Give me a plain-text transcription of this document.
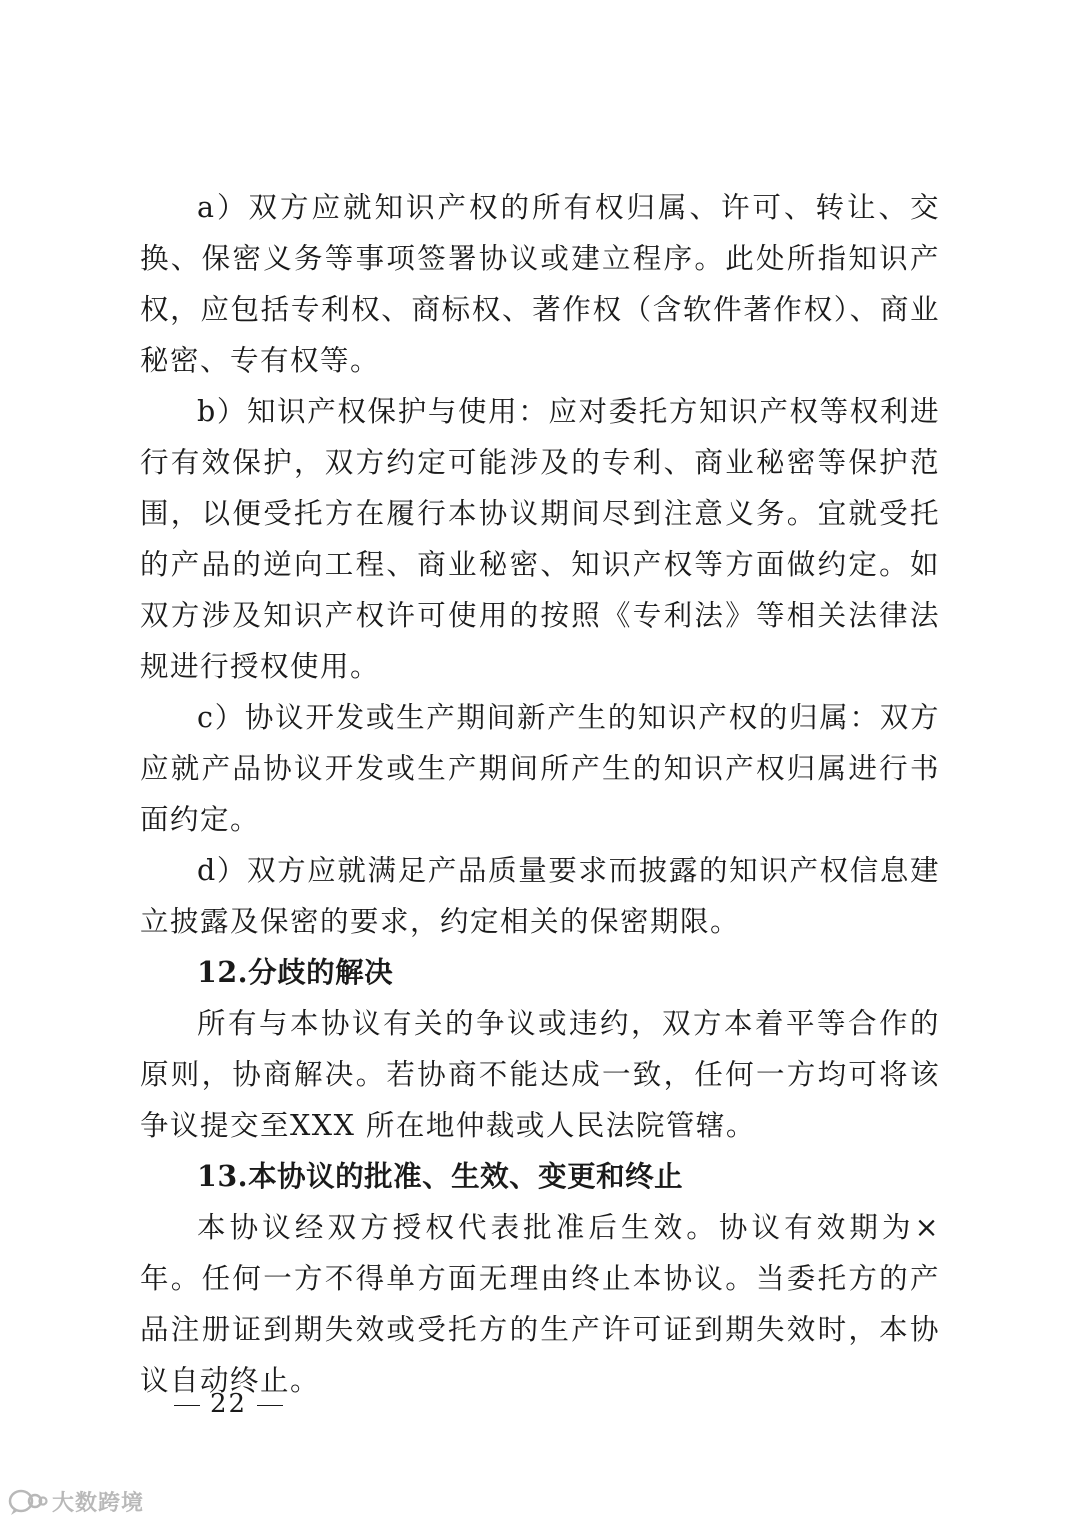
a）双方应就知识产权的所有权归属、许可、转让、交换、保密义务等事项签署协议或建立程序。此处所指知识产权，应包括专利权、商标权、著作权（含软件著作权）、商业秘密、专有权等。

b）知识产权保护与使用：应对委托方知识产权等权利进行有效保护，双方约定可能涉及的专利、商业秘密等保护范围，以便受托方在履行本协议期间尽到注意义务。宜就受托的产品的逆向工程、商业秘密、知识产权等方面做约定。如双方涉及知识产权许可使用的按照《专利法》等相关法律法规进行授权使用。

c）协议开发或生产期间新产生的知识产权的归属：双方应就产品协议开发或生产期间所产生的知识产权归属进行书面约定。

d）双方应就满足产品质量要求而披露的知识产权信息建立披露及保密的要求，约定相关的保密期限。

12.分歧的解决

所有与本协议有关的争议或违约，双方本着平等合作的原则，协商解决。若协商不能达成一致，任何一方均可将该争议提交至XXX 所在地仲裁或人民法院管辖。

13.本协议的批准、生效、变更和终止

本协议经双方授权代表批准后生效。协议有效期为×年。任何一方不得单方面无理由终止本协议。当委托方的产品注册证到期失效或受托方的生产许可证到期失效时，本协议自动终止。

22
大数跨境
